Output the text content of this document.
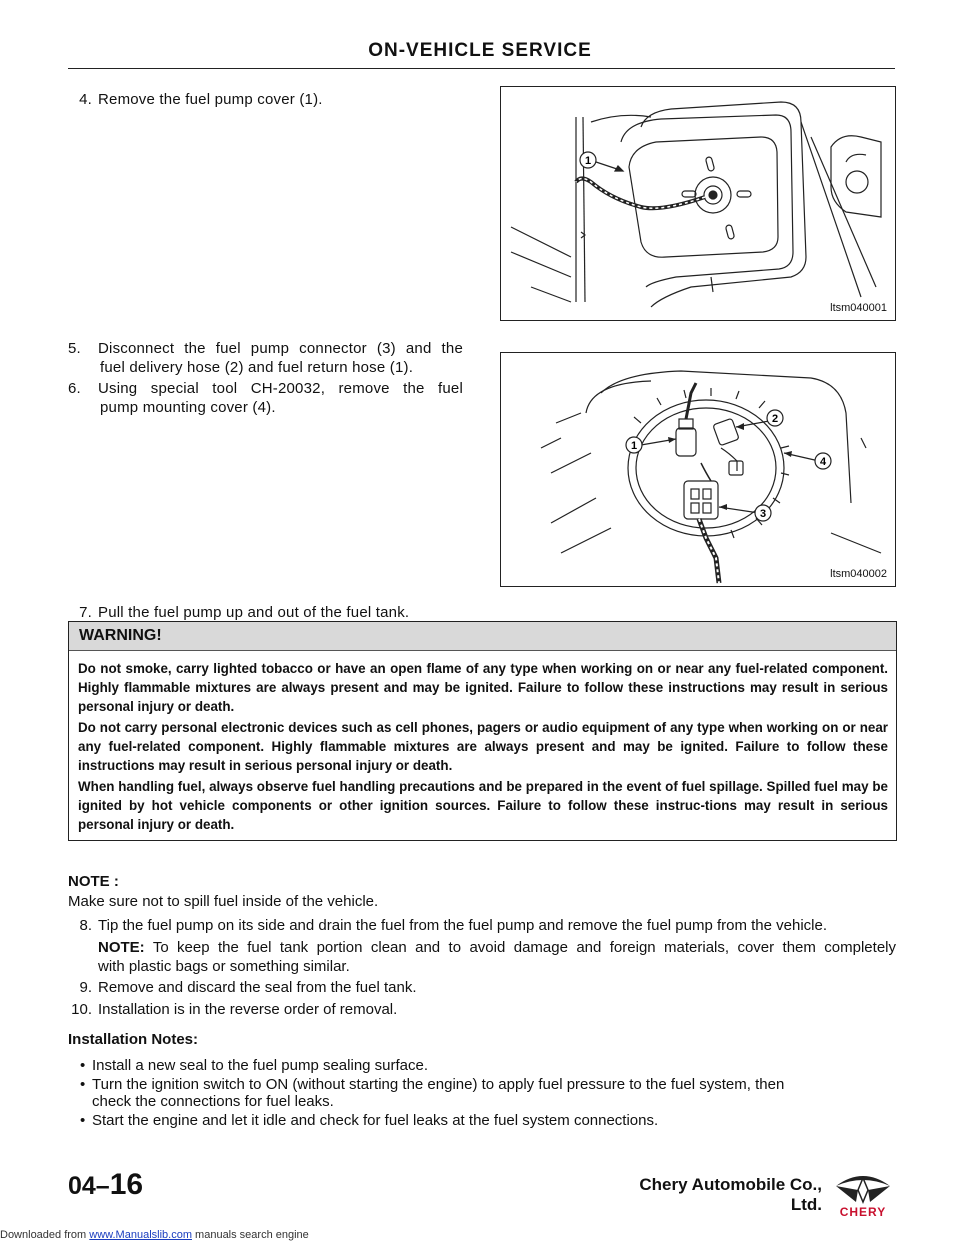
ON-VEHICLE SERVICE
4. Remove the fuel pump cover (1).
1
ltsm040001
5. Disconnect the fuel pump connector (3) and the
fuel delivery hose (2) and fuel return hose (1).
6. Using special tool CH-20032, remove the fuel
pump mounting cover (4).
1
2
3
4
ltsm040002
7. Pull the fuel pump up and out of the fuel tank.
WARNING!

Do not smoke, carry lighted tobacco or have an open flame of any type when working on or near any fuel-related component. Highly flammable mixtures are always present and may be ignited. Failure to follow these instructions may result in serious personal injury or death.

Do not carry personal electronic devices such as cell phones, pagers or audio equipment of any type when working on or near any fuel-related component. Highly flammable mixtures are always present and may be ignited. Failure to follow these instructions may result in serious personal injury or death.

When handling fuel, always observe fuel handling precautions and be prepared in the event of fuel spillage. Spilled fuel may be ignited by hot vehicle components or other ignition sources. Failure to follow these instruc-tions may result in serious personal injury or death.

NOTE :
Make sure not to spill fuel inside of the vehicle.
8. Tip the fuel pump on its side and drain the fuel from the fuel pump and remove the fuel pump from the vehicle.
NOTE: To keep the fuel tank portion clean and to avoid damage and foreign materials, cover them completely
with plastic bags or something similar.
9. Remove and discard the seal from the fuel tank.
10. Installation is in the reverse order of removal.
Installation Notes:
• Install a new seal to the fuel pump sealing surface.
• Turn the ignition switch to ON (without starting the engine) to apply fuel pressure to the fuel system, then
check the connections for fuel leaks.
• Start the engine and let it idle and check for fuel leaks at the fuel system connections.
04–16	Chery Automobile Co., Ltd. CHERY
Downloaded from www.Manualslib.com manuals search engine
